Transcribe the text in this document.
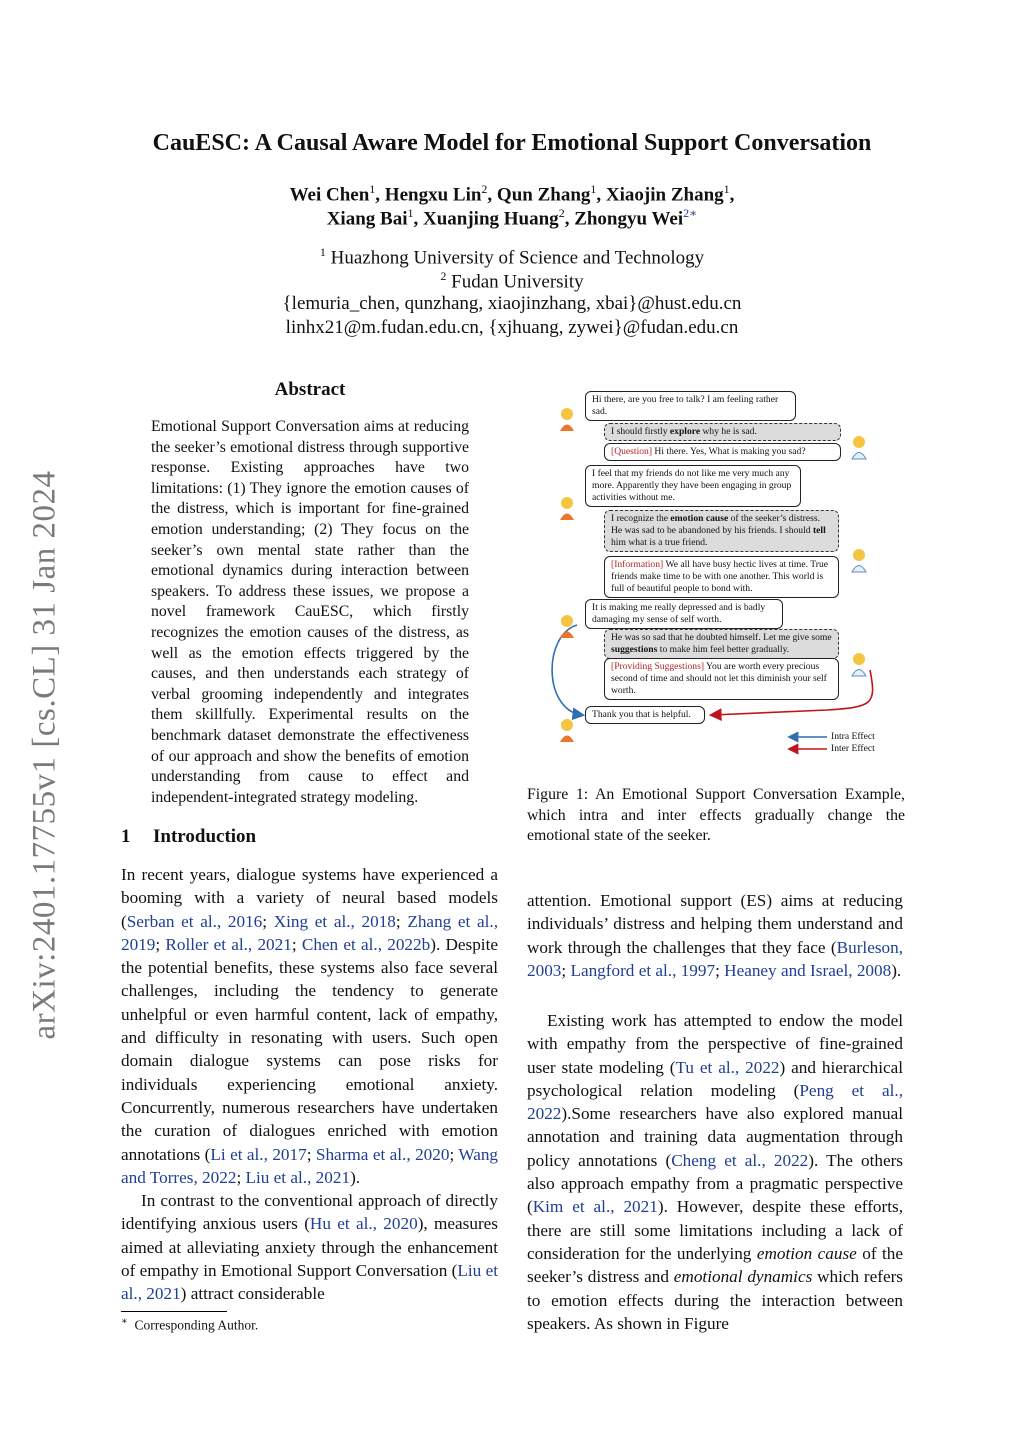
arXiv:2401.17755v1 [cs.CL] 31 Jan 2024
CauESC: A Causal Aware Model for Emotional Support Conversation
Wei Chen$^1$, Hengxu Lin$^2$, Qun Zhang$^1$, Xiaojin Zhang$^1$,
Xiang Bai$^1$, Xuanjing Huang$^2$, Zhongyu Wei$^{2∗}$
$^1$ Huazhong University of Science and Technology
$^2$ Fudan University
{lemuria_chen, qunzhang, xiaojinzhang, xbai}@hust.edu.cn
linhx21@m.fudan.edu.cn, {xjhuang, zywei}@fudan.edu.cn
Abstract
Emotional Support Conversation aims at reducing the seeker’s emotional distress through supportive response. Existing approaches have two limitations: (1) They ignore the emotion causes of the distress, which is important for fine-grained emotion understanding; (2) They focus on the seeker’s own mental state rather than the emotional dynamics during interaction between speakers. To address these issues, we propose a novel framework CauESC, which firstly recognizes the emotion causes of the distress, as well as the emotion effects triggered by the causes, and then understands each strategy of verbal grooming independently and integrates them skillfully. Experimental results on the benchmark dataset demonstrate the effectiveness of our approach and show the benefits of emotion understanding from cause to effect and independent-integrated strategy modeling.
1 Introduction
In recent years, dialogue systems have experienced a booming with a variety of neural based models (Serban et al., 2016; Xing et al., 2018; Zhang et al., 2019; Roller et al., 2021; Chen et al., 2022b). Despite the potential benefits, these systems also face several challenges, including the tendency to generate unhelpful or even harmful content, lack of empathy, and difficulty in resonating with users. Such open domain dialogue systems can pose risks for individuals experiencing emotional anxiety. Concurrently, numerous researchers have undertaken the curation of dialogues enriched with emotion annotations (Li et al., 2017; Sharma et al., 2020; Wang and Torres, 2022; Liu et al., 2021).
In contrast to the conventional approach of directly identifying anxious users (Hu et al., 2020), measures aimed at alleviating anxiety through the enhancement of empathy in Emotional Support Conversation (Liu et al., 2021) attract considerable
∗ Corresponding Author.
attention. Emotional support (ES) aims at reducing individuals’ distress and helping them understand and work through the challenges that they face (Burleson, 2003; Langford et al., 1997; Heaney and Israel, 2008).
Existing work has attempted to endow the model with empathy from the perspective of fine-grained user state modeling (Tu et al., 2022) and hierarchical psychological relation modeling (Peng et al., 2022).Some researchers have also explored manual annotation and training data augmentation through policy annotations (Cheng et al., 2022). The others also approach empathy from a pragmatic perspective (Kim et al., 2021). However, despite these efforts, there are still some limitations including a lack of consideration for the underlying emotion cause of the seeker’s distress and emotional dynamics which refers to emotion effects during the interaction between speakers. As shown in Figure
Hi there, are you free to talk? I am feeling rather sad.
I should firstly explore why he is sad.
[Question] Hi there. Yes, What is making you sad?
I feel that my friends do not like me very much any more. Apparently they have been engaging in group activities without me.
I recognize the emotion cause of the seeker’s distress. He was sad to be abandoned by his friends. I should tell him what is a true friend.
[Information] We all have busy hectic lives at time. True friends make time to be with one another. This world is full of beautiful people to bond with.
It is making me really depressed and is badly damaging my sense of self worth.
He was so sad that he doubted himself. Let me give some suggestions to make him feel better gradually.
[Providing Suggestions] You are worth every precious second of time and should not let this diminish your self worth.
Thank you that is helpful.
Intra Effect
Inter Effect
Figure 1: An Emotional Support Conversation Example, which intra and inter effects gradually change the emotional state of the seeker.
